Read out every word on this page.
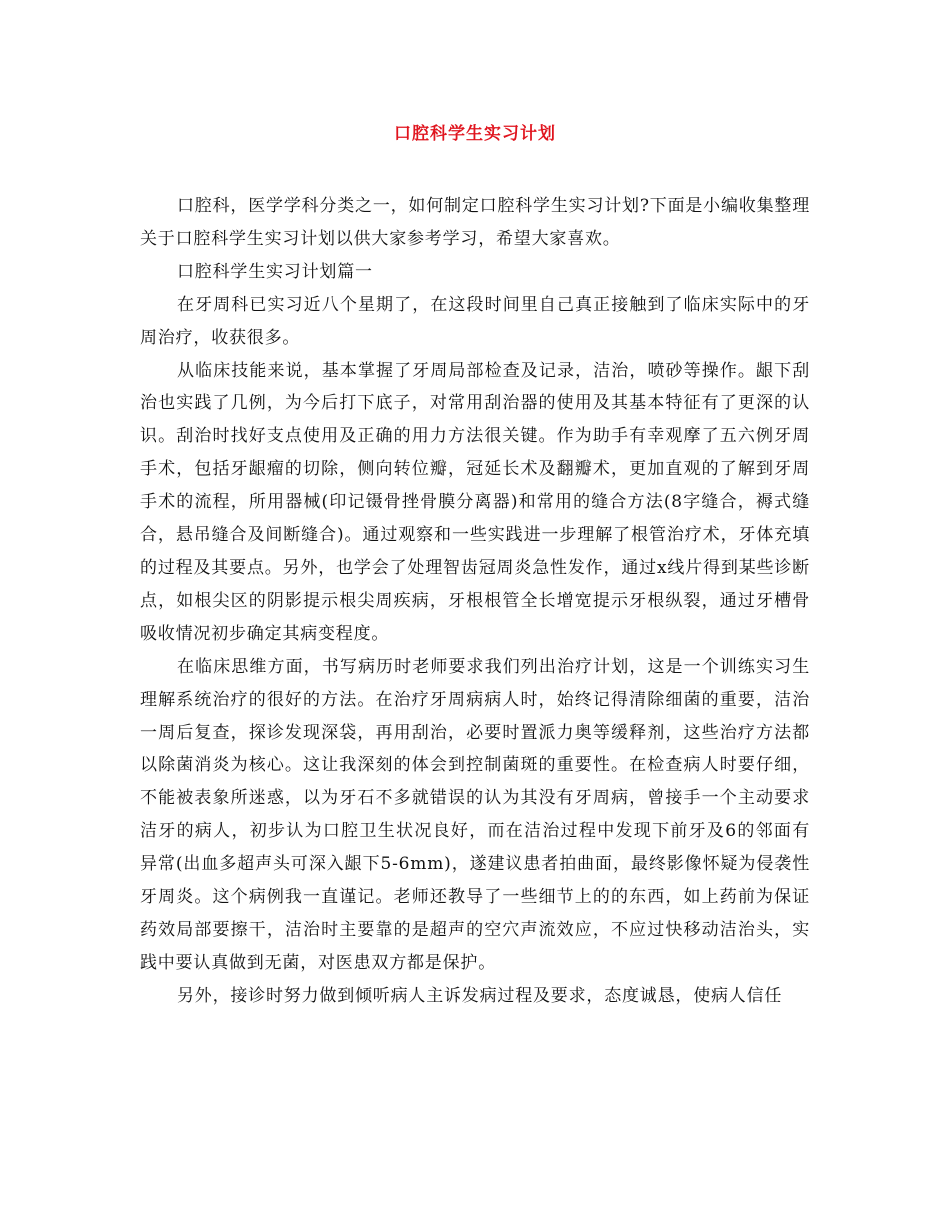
口腔科学生实习计划

口腔科，医学学科分类之一，如何制定口腔科学生实习计划?下面是小编收集整理关于口腔科学生实习计划以供大家参考学习，希望大家喜欢。

口腔科学生实习计划篇一

在牙周科已实习近八个星期了，在这段时间里自己真正接触到了临床实际中的牙周治疗，收获很多。

从临床技能来说，基本掌握了牙周局部检查及记录，洁治，喷砂等操作。龈下刮治也实践了几例，为今后打下底子，对常用刮治器的使用及其基本特征有了更深的认识。刮治时找好支点使用及正确的用力方法很关键。作为助手有幸观摩了五六例牙周手术，包括牙龈瘤的切除，侧向转位瓣，冠延长术及翻瓣术，更加直观的了解到牙周手术的流程，所用器械(印记镊骨挫骨膜分离器)和常用的缝合方法(8字缝合，褥式缝合，悬吊缝合及间断缝合)。通过观察和一些实践进一步理解了根管治疗术，牙体充填的过程及其要点。另外，也学会了处理智齿冠周炎急性发作，通过x线片得到某些诊断点，如根尖区的阴影提示根尖周疾病，牙根根管全长增宽提示牙根纵裂，通过牙槽骨吸收情况初步确定其病变程度。

在临床思维方面，书写病历时老师要求我们列出治疗计划，这是一个训练实习生理解系统治疗的很好的方法。在治疗牙周病病人时，始终记得清除细菌的重要，洁治一周后复查，探诊发现深袋，再用刮治，必要时置派力奥等缓释剂，这些治疗方法都以除菌消炎为核心。这让我深刻的体会到控制菌斑的重要性。在检查病人时要仔细，不能被表象所迷惑，以为牙石不多就错误的认为其没有牙周病，曾接手一个主动要求洁牙的病人，初步认为口腔卫生状况良好，而在洁治过程中发现下前牙及6的邻面有异常(出血多超声头可深入龈下5-6mm)，遂建议患者拍曲面，最终影像怀疑为侵袭性牙周炎。这个病例我一直谨记。老师还教导了一些细节上的的东西，如上药前为保证药效局部要擦干，洁治时主要靠的是超声的空穴声流效应，不应过快移动洁治头，实践中要认真做到无菌，对医患双方都是保护。

另外，接诊时努力做到倾听病人主诉发病过程及要求，态度诚恳，使病人信任
